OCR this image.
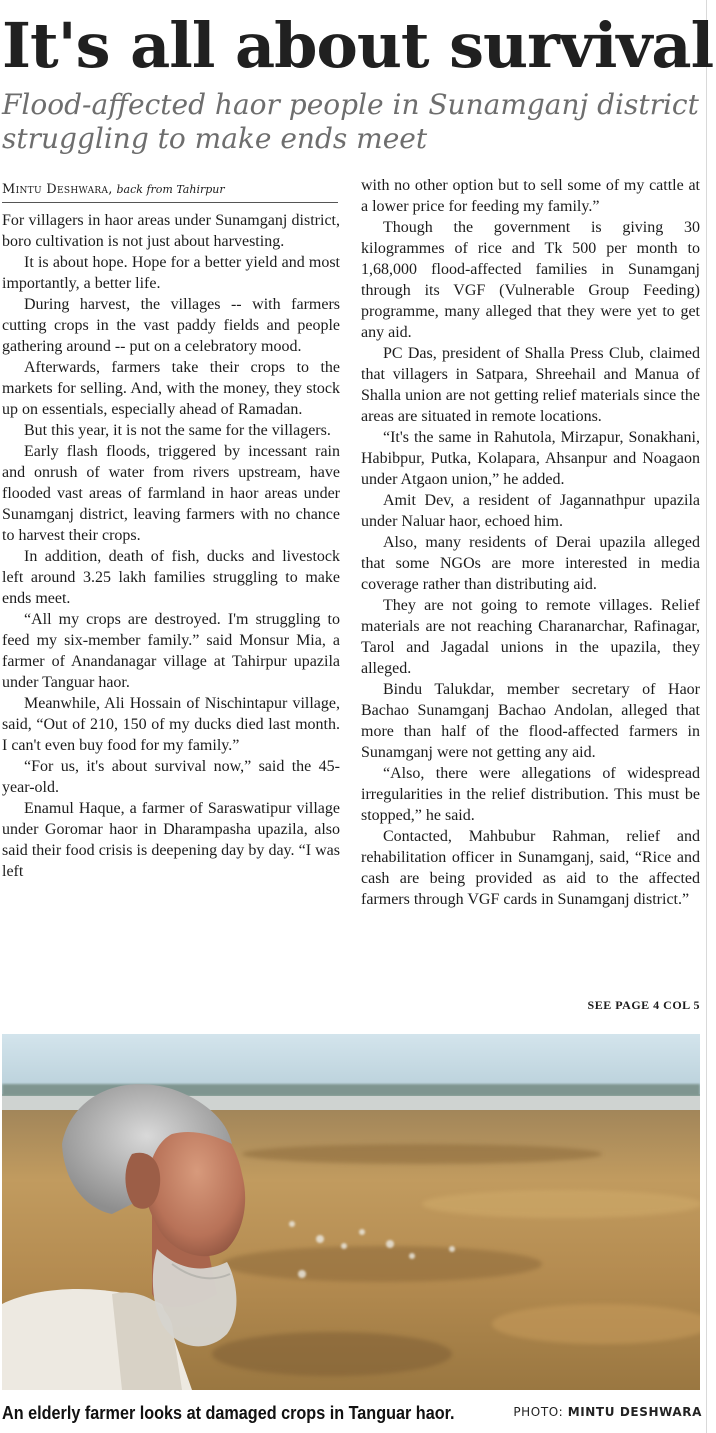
It's all about survival
Flood-affected haor people in Sunamganj district struggling to make ends meet
Mintu Deshwara, back from Tahirpur

For villagers in haor areas under Sunamganj district, boro cultivation is not just about harvesting.

It is about hope. Hope for a better yield and most importantly, a better life.

During harvest, the villages -- with farmers cutting crops in the vast paddy fields and people gathering around -- put on a celebratory mood.

Afterwards, farmers take their crops to the markets for selling. And, with the money, they stock up on essentials, especially ahead of Ramadan.

But this year, it is not the same for the villagers.

Early flash floods, triggered by incessant rain and onrush of water from rivers upstream, have flooded vast areas of farmland in haor areas under Sunamganj district, leaving farmers with no chance to harvest their crops.

In addition, death of fish, ducks and livestock left around 3.25 lakh families struggling to make ends meet.

“All my crops are destroyed. I'm struggling to feed my six-member family.” said Monsur Mia, a farmer of Anandanagar village at Tahirpur upazila under Tanguar haor.

Meanwhile, Ali Hossain of Nischintapur village, said, “Out of 210, 150 of my ducks died last month. I can't even buy food for my family.”

“For us, it's about survival now,” said the 45-year-old.

Enamul Haque, a farmer of Saraswatipur village under Goromar haor in Dharampasha upazila, also said their food crisis is deepening day by day. “I was left

with no other option but to sell some of my cattle at a lower price for feeding my family.”

Though the government is giving 30 kilogrammes of rice and Tk 500 per month to 1,68,000 flood-affected families in Sunamganj through its VGF (Vulnerable Group Feeding) programme, many alleged that they were yet to get any aid.

PC Das, president of Shalla Press Club, claimed that villagers in Satpara, Shreehail and Manua of Shalla union are not getting relief materials since the areas are situated in remote locations.

“It's the same in Rahutola, Mirzapur, Sonakhani, Habibpur, Putka, Kolapara, Ahsanpur and Noagaon under Atgaon union,” he added.

Amit Dev, a resident of Jagannathpur upazila under Naluar haor, echoed him.

Also, many residents of Derai upazila alleged that some NGOs are more interested in media coverage rather than distributing aid.

They are not going to remote villages. Relief materials are not reaching Charanarchar, Rafinagar, Tarol and Jagadal unions in the upazila, they alleged.

Bindu Talukdar, member secretary of Haor Bachao Sunamganj Bachao Andolan, alleged that more than half of the flood-affected farmers in Sunamganj were not getting any aid.

“Also, there were allegations of widespread irregularities in the relief distribution. This must be stopped,” he said.

Contacted, Mahbubur Rahman, relief and rehabilitation officer in Sunamganj, said, “Rice and cash are being provided as aid to the affected farmers through VGF cards in Sunamganj district.”

SEE PAGE 4 COL 5
An elderly farmer looks at damaged crops in Tanguar haor.	PHOTO: MINTU DESHWARA
